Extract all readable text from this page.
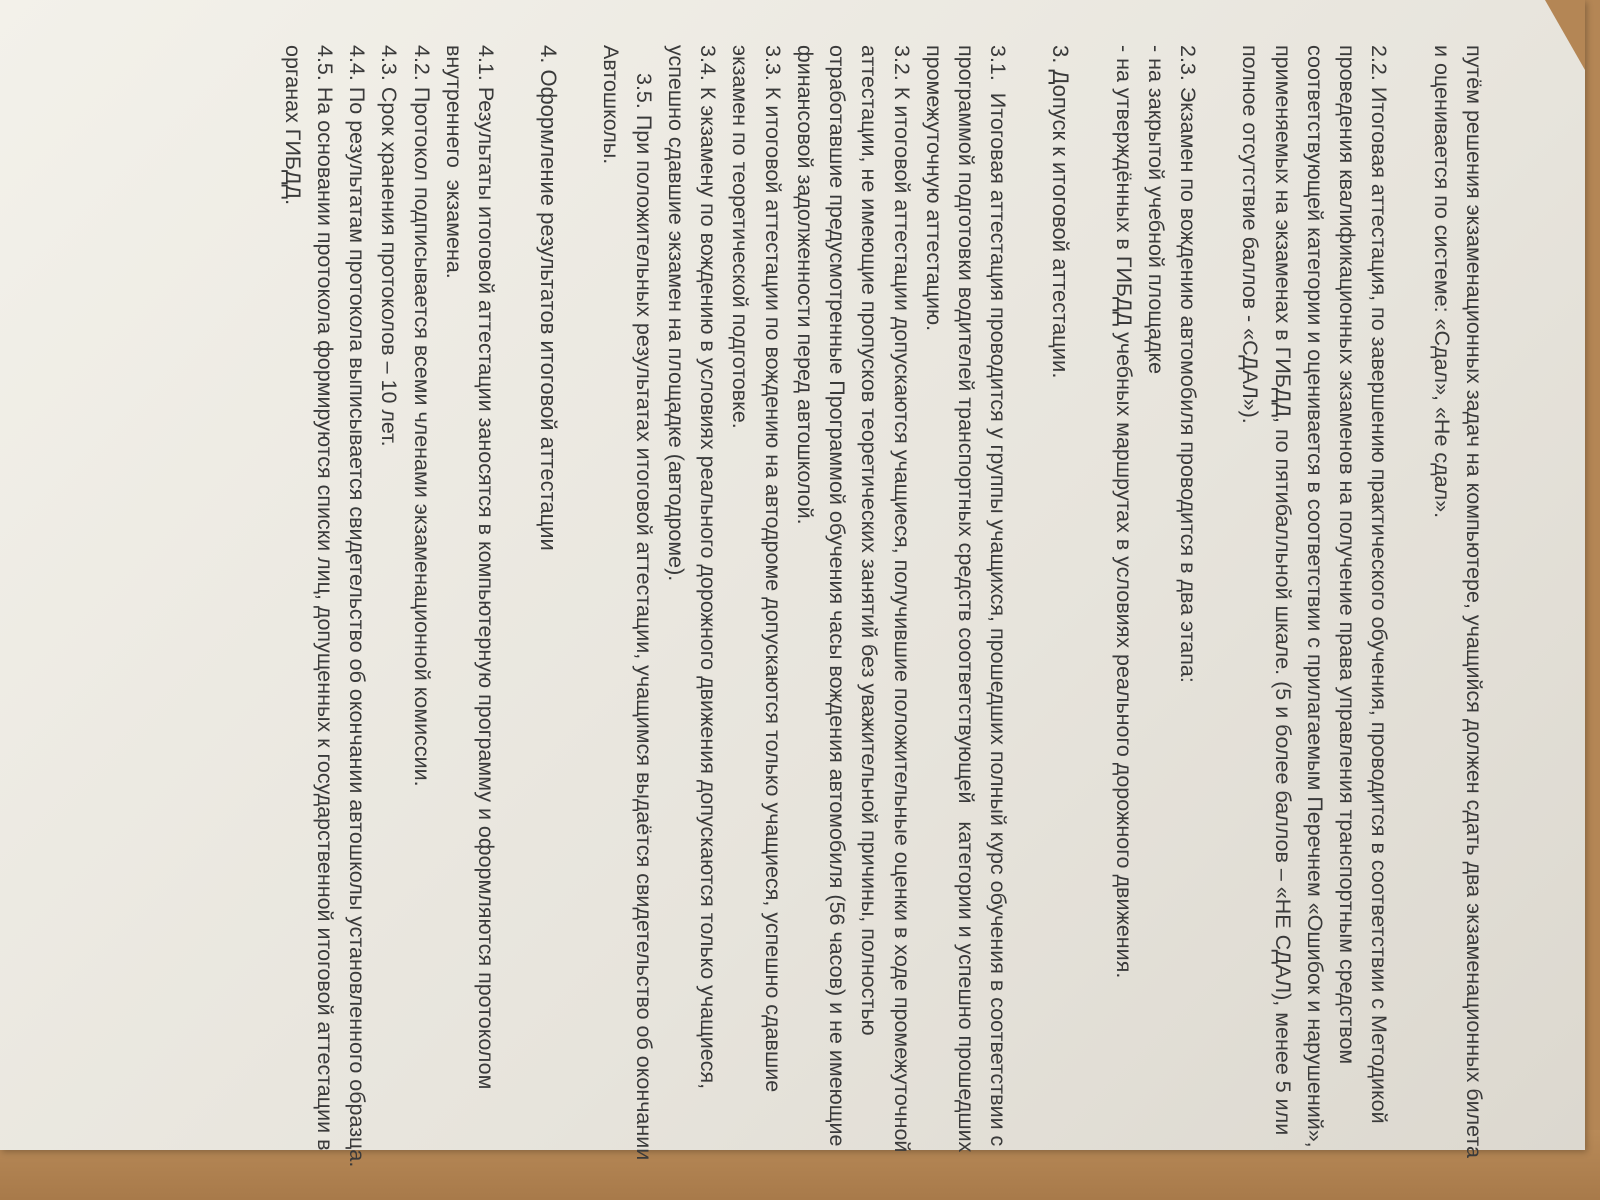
путём решения экзаменационных задач на компьютере, учащийся должен сдать два экзаменационных билета и оценивается по системе: «Сдал», «Не сдал».

2.2. Итоговая аттестация, по завершению практического обучения, проводится в соответствии с Методикой проведения квалификационных экзаменов на получение права управления транспортным средством соответствующей категории и оценивается в соответствии с прилагаемым Перечнем «Ошибок и нарушений», применяемых на экзаменах в ГИБДД, по пятибалльной шкале. (5 и более баллов – «НЕ СДАЛ), менее 5 или полное отсутствие баллов - «СДАЛ»).

2.3. Экзамен по вождению автомобиля проводится в два этапа:

- на закрытой учебной площадке

- на утверждённых в ГИБДД учебных маршрутах в условиях реального дорожного движения.

3. Допуск к итоговой аттестации.

3.1.  Итоговая аттестация проводится у группы учащихся, прошедших полный курс обучения в соответствии с программой подготовки водителей транспортных средств соответствующей   категории и успешно прошедших промежуточную аттестацию.

3.2. К итоговой аттестации допускаются учащиеся, получившие положительные оценки в ходе промежуточной аттестации, не имеющие пропусков теоретических занятий без уважительной причины, полностью отработавшие предусмотренные Программой обучения часы вождения автомобиля (56 часов) и не имеющие финансовой задолженности перед автошколой.

3.3. К итоговой аттестации по вождению на автодроме допускаются только учащиеся, успешно сдавшие экзамен по теоретической подготовке.

3.4. К экзамену по вождению в условиях реального дорожного движения допускаются только учащиеся, успешно сдавшие экзамен на площадке (автодроме).

3.5. При положительных результатах итоговой аттестации, учащимся выдаётся свидетельство об окончании Автошколы.

4. Оформление результатов итоговой аттестации

4.1. Результаты итоговой аттестации заносятся в компьютерную программу и оформляются протоколом внутреннего  экзамена.

4.2. Протокол подписывается всеми членами экзаменационной комиссии.

4.3. Срок хранения протоколов – 10 лет.

4.4. По результатам протокола выписывается свидетельство об окончании автошколы установленного образца.

4.5. На основании протокола формируются списки лиц, допущенных к государственной итоговой аттестации в органах ГИБДД.
